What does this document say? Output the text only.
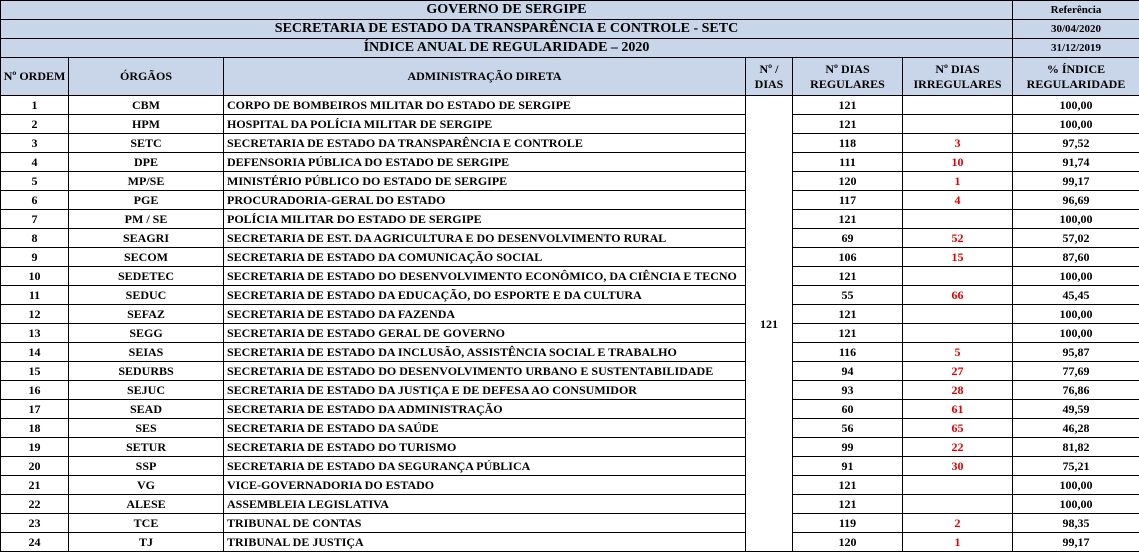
GOVERNO DE SERGIPE						Referência
SECRETARIA DE ESTADO DA TRANSPARÊNCIA E CONTROLE - SETC						30/04/2020
ÍNDICE ANUAL DE REGULARIDADE – 2020						31/12/2019
Nº ORDEM	ÓRGÃOS	ADMINISTRAÇÃO DIRETA	Nº / DIAS	Nº DIAS REGULARES	Nº DIAS IRREGULARES	% ÍNDICE REGULARIDADE
1	CBM	CORPO DE BOMBEIROS MILITAR DO ESTADO DE SERGIPE	121	121		100,00
2	HPM	HOSPITAL DA POLÍCIA MILITAR DE SERGIPE		121		100,00
3	SETC	SECRETARIA DE ESTADO DA TRANSPARÊNCIA E CONTROLE		118	3	97,52
4	DPE	DEFENSORIA PÚBLICA DO ESTADO DE SERGIPE		111	10	91,74
5	MP/SE	MINISTÉRIO PÚBLICO DO ESTADO DE SERGIPE		120	1	99,17
6	PGE	PROCURADORIA-GERAL DO ESTADO		117	4	96,69
7	PM / SE	POLÍCIA MILITAR DO ESTADO DE SERGIPE		121		100,00
8	SEAGRI	SECRETARIA DE EST. DA AGRICULTURA E DO DESENVOLVIMENTO RURAL		69	52	57,02
9	SECOM	SECRETARIA DE ESTADO DA COMUNICAÇÃO SOCIAL		106	15	87,60
10	SEDETEC	SECRETARIA DE ESTADO DO DESENVOLVIMENTO ECONÔMICO, DA CIÊNCIA E TECNO		121		100,00
11	SEDUC	SECRETARIA DE ESTADO DA EDUCAÇÃO, DO ESPORTE E DA CULTURA		55	66	45,45
12	SEFAZ	SECRETARIA DE ESTADO DA FAZENDA		121		100,00
13	SEGG	SECRETARIA DE ESTADO GERAL DE GOVERNO		121		100,00
14	SEIAS	SECRETARIA DE ESTADO DA INCLUSÃO, ASSISTÊNCIA SOCIAL E TRABALHO		116	5	95,87
15	SEDURBS	SECRETARIA DE ESTADO DO DESENVOLVIMENTO URBANO E SUSTENTABILIDADE		94	27	77,69
16	SEJUC	SECRETARIA DE ESTADO DA JUSTIÇA E DE DEFESA AO CONSUMIDOR		93	28	76,86
17	SEAD	SECRETARIA DE ESTADO DA ADMINISTRAÇÃO		60	61	49,59
18	SES	SECRETARIA DE ESTADO DA SAÚDE		56	65	46,28
19	SETUR	SECRETARIA DE ESTADO DO TURISMO		99	22	81,82
20	SSP	SECRETARIA DE ESTADO DA SEGURANÇA PÚBLICA		91	30	75,21
21	VG	VICE-GOVERNADORIA DO ESTADO		121		100,00
22	ALESE	ASSEMBLEIA LEGISLATIVA		121		100,00
23	TCE	TRIBUNAL DE CONTAS		119	2	98,35
24	TJ	TRIBUNAL DE JUSTIÇA		120	1	99,17
